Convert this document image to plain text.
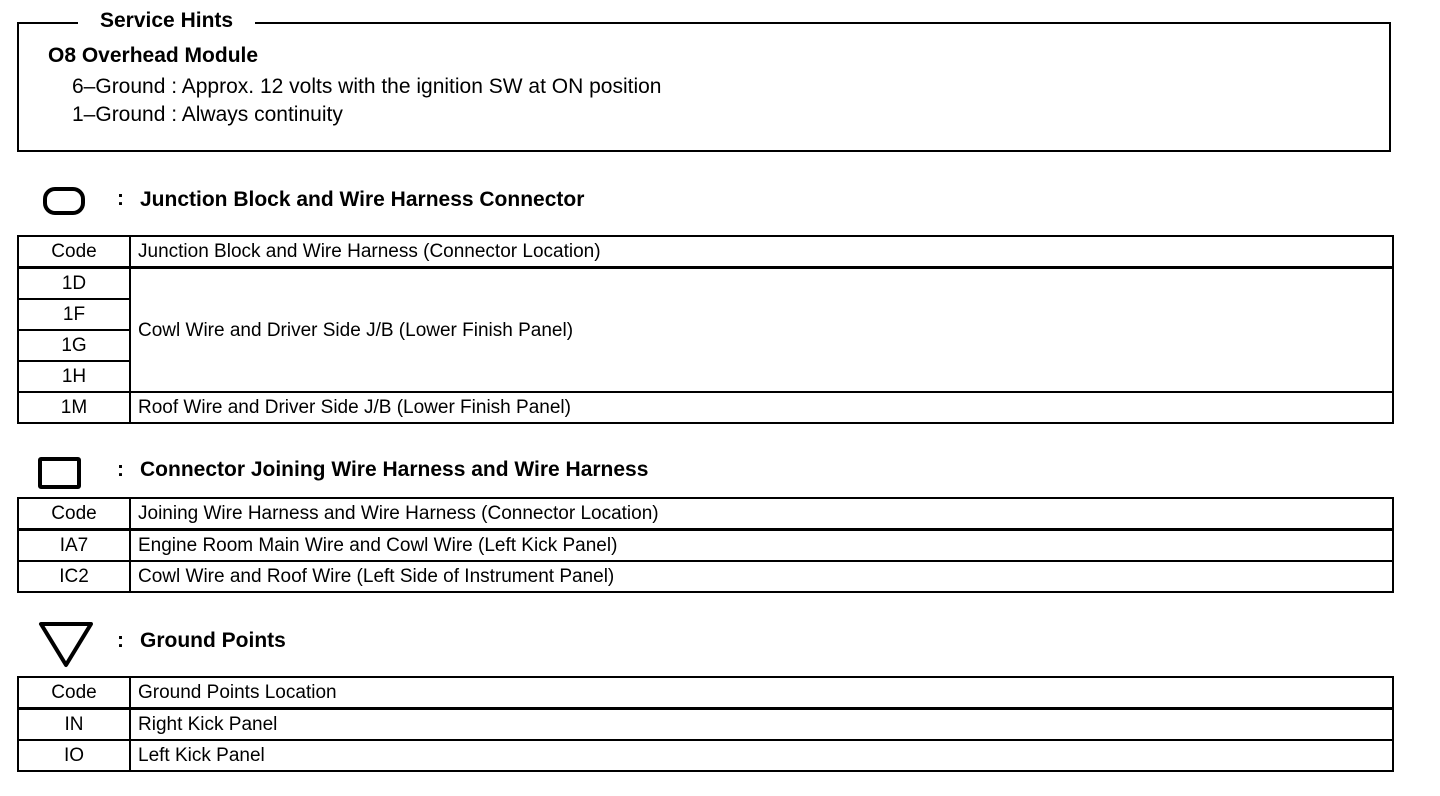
Service Hints
O8 Overhead Module
6–Ground : Approx. 12 volts with the ignition SW at ON position
1–Ground : Always continuity
: Junction Block and Wire Harness Connector
Code	Junction Block and Wire Harness (Connector Location)
1D	Cowl Wire and Driver Side J/B (Lower Finish Panel)
1F	
1G	
1H	
1M	Roof Wire and Driver Side J/B (Lower Finish Panel)
: Connector Joining Wire Harness and Wire Harness
Code	Joining Wire Harness and Wire Harness (Connector Location)
IA7	Engine Room Main Wire and Cowl Wire (Left Kick Panel)
IC2	Cowl Wire and Roof Wire (Left Side of Instrument Panel)
: Ground Points
Code	Ground Points Location
IN	Right Kick Panel
IO	Left Kick Panel
